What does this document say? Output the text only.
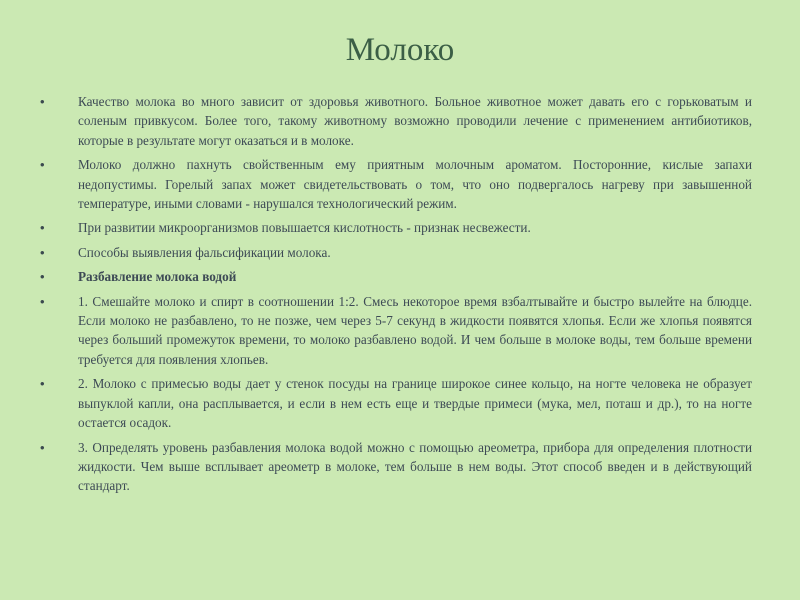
Молоко
•	Качество молока во много зависит от здоровья животного. Больное животное может давать его с горьковатым и соленым привкусом. Более того, такому животному возможно проводили лечение с применением антибиотиков, которые в результате могут оказаться и в молоке.
•	Молоко должно пахнуть свойственным ему приятным молочным ароматом. Посторонние, кислые запахи недопустимы. Горелый запах может свидетельствовать о том, что оно подвергалось нагреву при завышенной температуре, иными словами - нарушался технологический режим.
•	При развитии микроорганизмов повышается кислотность - признак несвежести.
•	Способы выявления фальсификации молока.
•	Разбавление молока водой
•	1. Смешайте молоко и спирт в соотношении 1:2. Смесь некоторое время взбалтывайте и быстро вылейте на блюдце. Если молоко не разбавлено, то не позже, чем через 5-7 секунд в жидкости появятся хлопья. Если же хлопья появятся через больший промежуток времени, то молоко разбавлено водой. И чем больше в молоке воды, тем больше времени требуется для появления хлопьев.
•	2. Молоко с примесью воды дает у стенок посуды на границе широкое синее кольцо, на ногте человека не образует выпуклой капли, она расплывается, и если в нем есть еще и твердые примеси (мука, мел, поташ и др.), то на ногте остается осадок.
•	3. Определять уровень разбавления молока водой можно с помощью ареометра, прибора для определения плотности жидкости. Чем выше всплывает ареометр в молоке, тем больше в нем воды. Этот способ введен и в действующий стандарт.
